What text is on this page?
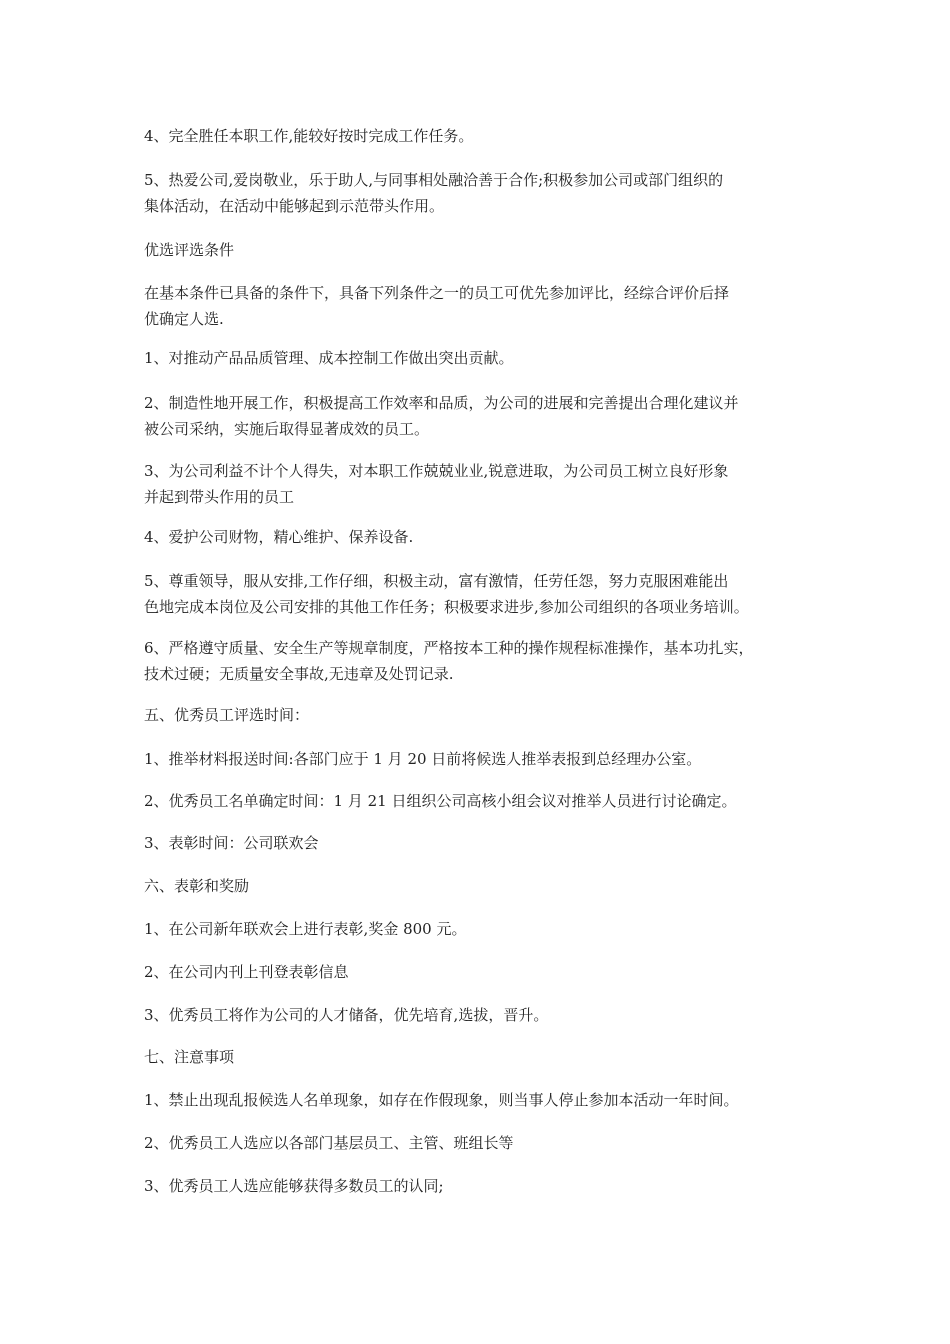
4、完全胜任本职工作,能较好按时完成工作任务。

5、热爱公司,爱岗敬业，乐于助人,与同事相处融洽善于合作;积极参加公司或部门组织的
集体活动，在活动中能够起到示范带头作用。

优选评选条件

在基本条件已具备的条件下，具备下列条件之一的员工可优先参加评比，经综合评价后择
优确定人选.

1、对推动产品品质管理、成本控制工作做出突出贡献。

2、制造性地开展工作，积极提高工作效率和品质，为公司的进展和完善提出合理化建议并
被公司采纳，实施后取得显著成效的员工。

3、为公司利益不计个人得失，对本职工作兢兢业业,锐意进取，为公司员工树立良好形象
并起到带头作用的员工

4、爱护公司财物，精心维护、保养设备.

5、尊重领导，服从安排,工作仔细，积极主动，富有激情，任劳任怨，努力克服困难能出
色地完成本岗位及公司安排的其他工作任务；积极要求进步,参加公司组织的各项业务培训。

6、严格遵守质量、安全生产等规章制度，严格按本工种的操作规程标准操作，基本功扎实，
技术过硬；无质量安全事故,无违章及处罚记录.

五、优秀员工评选时间：

1、推举材料报送时间:各部门应于 1 月 20 日前将候选人推举表报到总经理办公室。

2、优秀员工名单确定时间：1 月 21 日组织公司高核小组会议对推举人员进行讨论确定。

3、表彰时间：公司联欢会

六、表彰和奖励

1、在公司新年联欢会上进行表彰,奖金 800 元。

2、在公司内刊上刊登表彰信息

3、优秀员工将作为公司的人才储备，优先培育,选拔，晋升。

七、注意事项

1、禁止出现乱报候选人名单现象，如存在作假现象，则当事人停止参加本活动一年时间。

2、优秀员工人选应以各部门基层员工、主管、班组长等

3、优秀员工人选应能够获得多数员工的认同;
